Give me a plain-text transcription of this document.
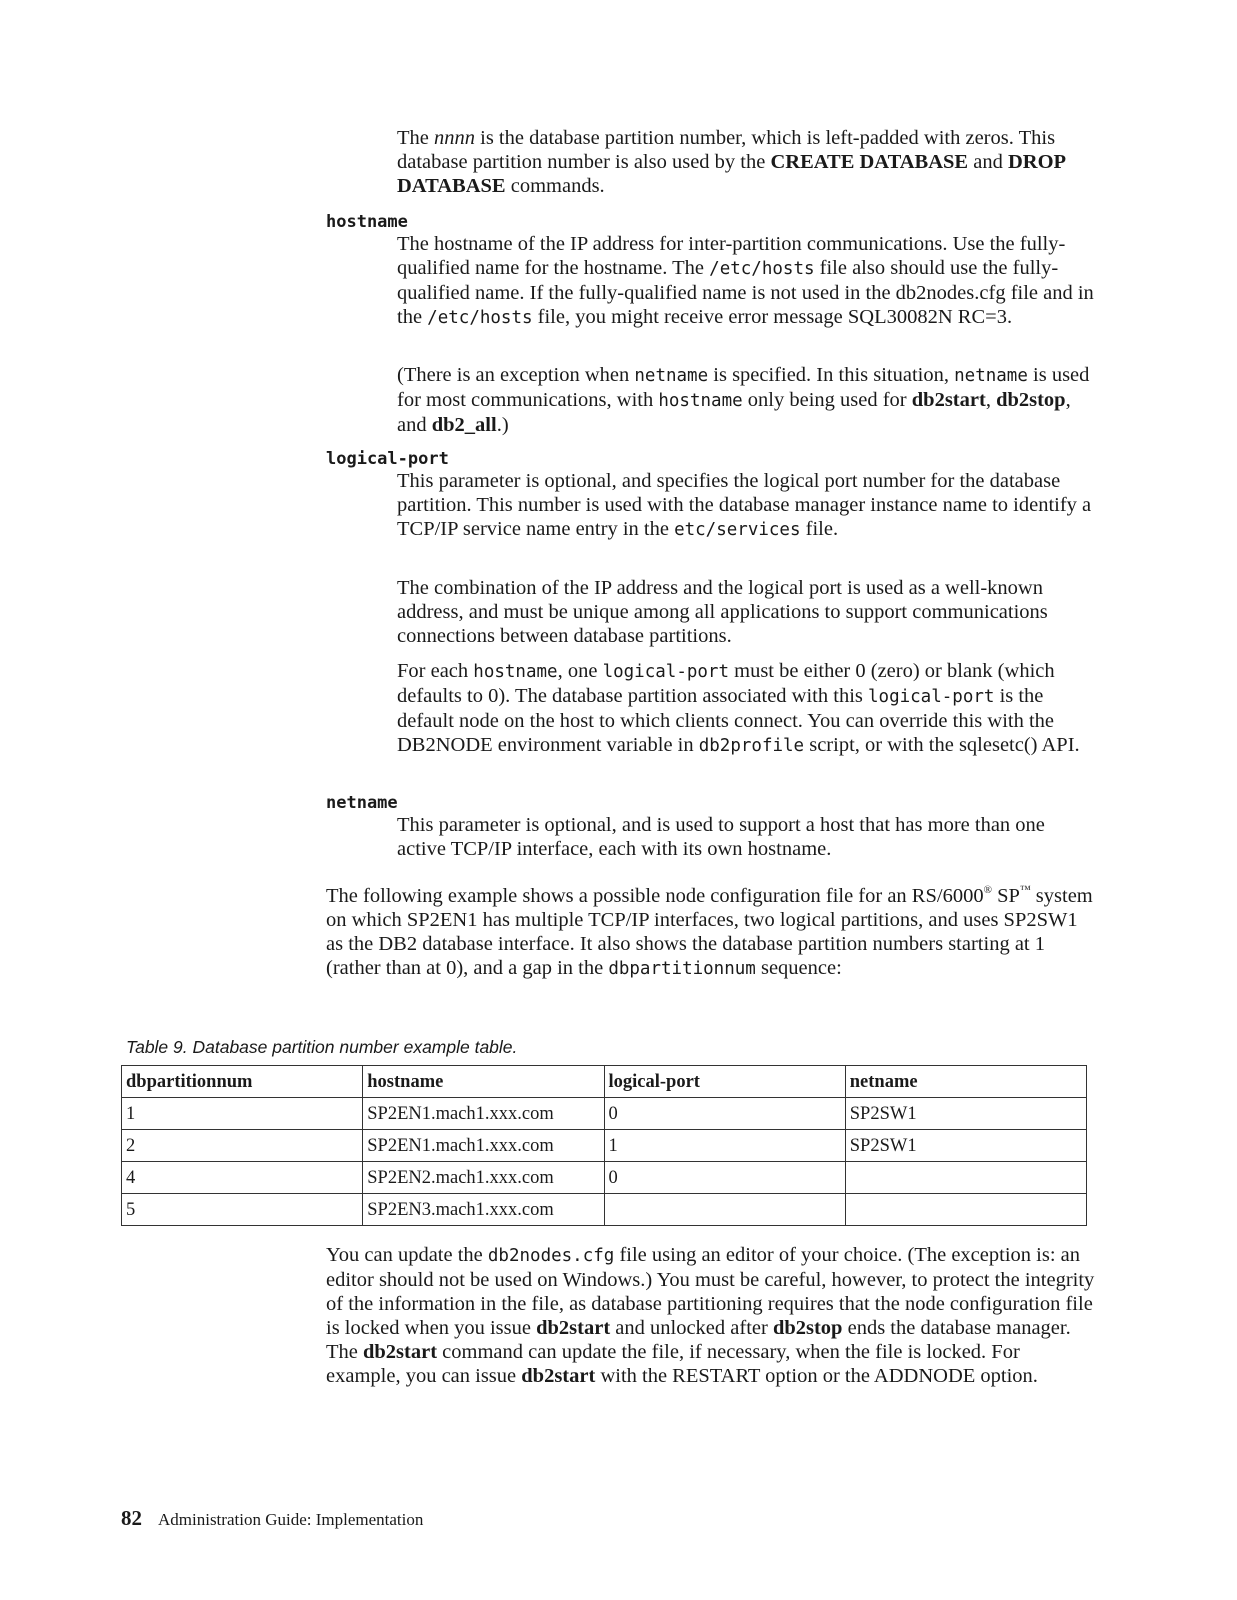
The nnnn is the database partition number, which is left-padded with zeros. This database partition number is also used by the CREATE DATABASE and DROP DATABASE commands.

hostname

The hostname of the IP address for inter-partition communications. Use the fully-qualified name for the hostname. The /etc/hosts file also should use the fully-qualified name. If the fully-qualified name is not used in the db2nodes.cfg file and in the /etc/hosts file, you might receive error message SQL30082N RC=3.

(There is an exception when netname is specified. In this situation, netname is used for most communications, with hostname only being used for db2start, db2stop, and db2_all.)

logical-port

This parameter is optional, and specifies the logical port number for the database partition. This number is used with the database manager instance name to identify a TCP/IP service name entry in the etc/services file.

The combination of the IP address and the logical port is used as a well-known address, and must be unique among all applications to support communications connections between database partitions.

For each hostname, one logical-port must be either 0 (zero) or blank (which defaults to 0). The database partition associated with this logical-port is the default node on the host to which clients connect. You can override this with the DB2NODE environment variable in db2profile script, or with the sqlesetc() API.

netname

This parameter is optional, and is used to support a host that has more than one active TCP/IP interface, each with its own hostname.

The following example shows a possible node configuration file for an RS/6000® SP™ system on which SP2EN1 has multiple TCP/IP interfaces, two logical partitions, and uses SP2SW1 as the DB2 database interface. It also shows the database partition numbers starting at 1 (rather than at 0), and a gap in the dbpartitionnum sequence:

Table 9. Database partition number example table.
dbpartitionnum	hostname	logical-port	netname
1	SP2EN1.mach1.xxx.com	0	SP2SW1
2	SP2EN1.mach1.xxx.com	1	SP2SW1
4	SP2EN2.mach1.xxx.com	0	
5	SP2EN3.mach1.xxx.com		

You can update the db2nodes.cfg file using an editor of your choice. (The exception is: an editor should not be used on Windows.) You must be careful, however, to protect the integrity of the information in the file, as database partitioning requires that the node configuration file is locked when you issue db2start and unlocked after db2stop ends the database manager. The db2start command can update the file, if necessary, when the file is locked. For example, you can issue db2start with the RESTART option or the ADDNODE option.

82 Administration Guide: Implementation
